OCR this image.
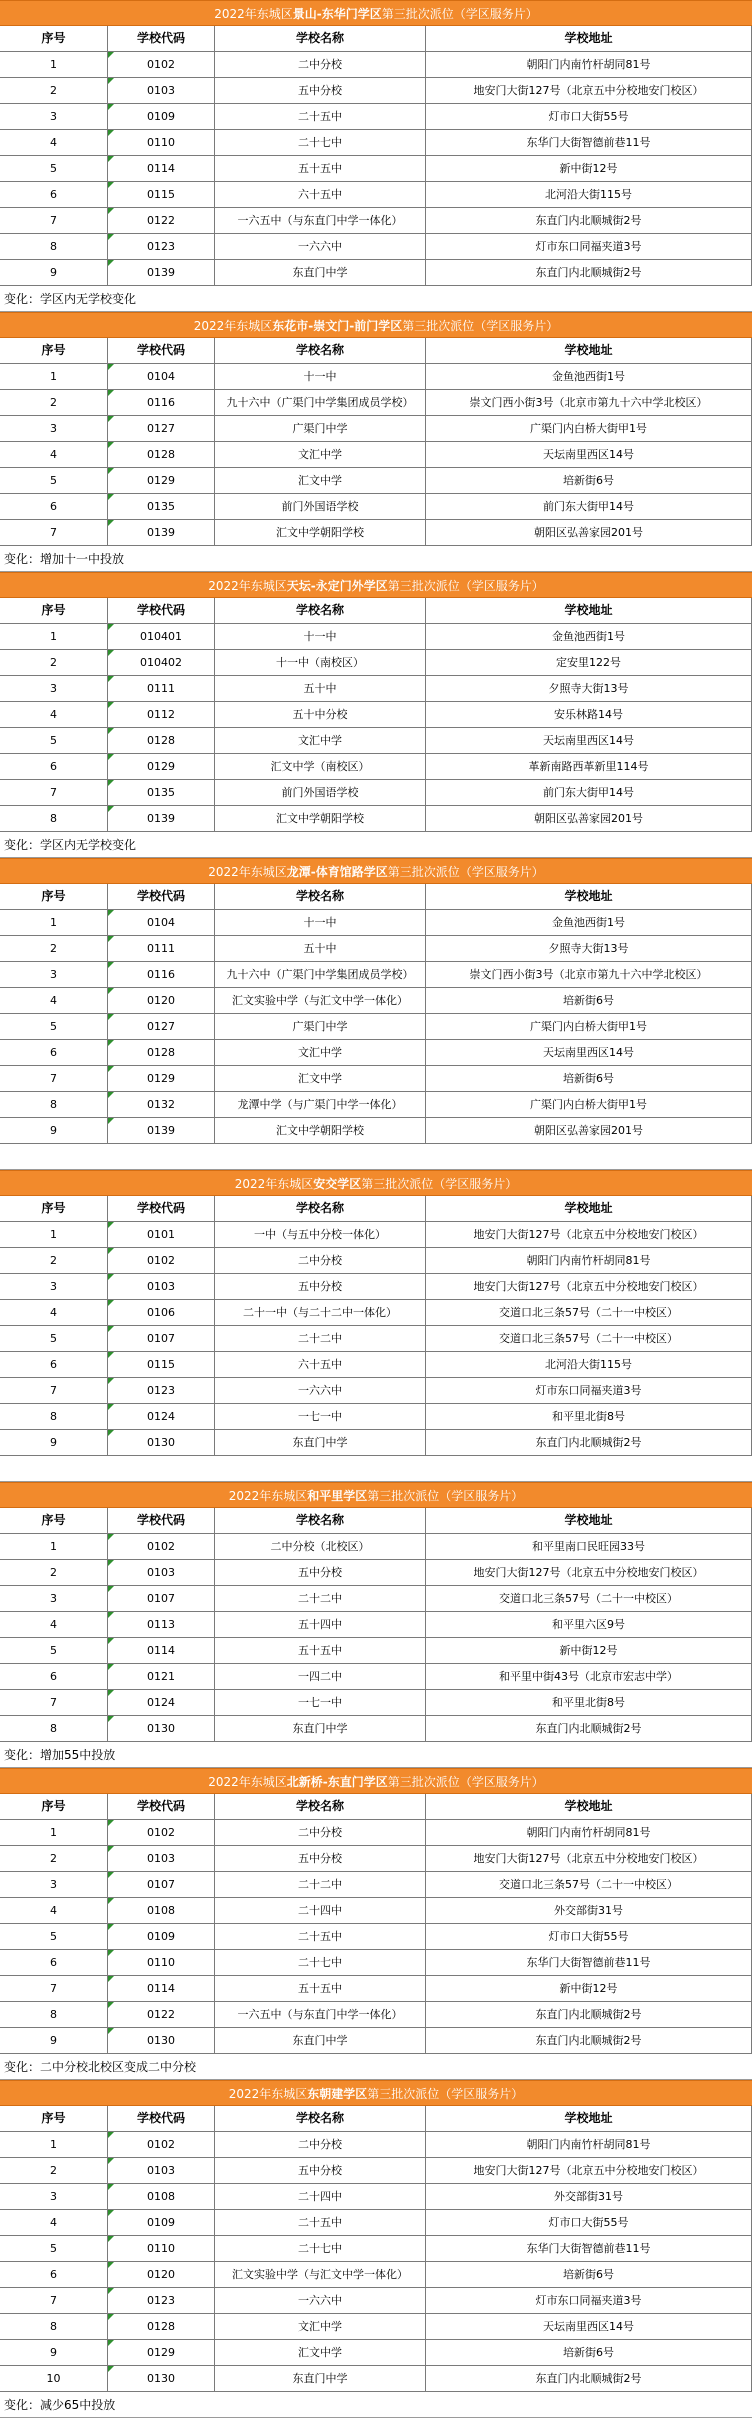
2022年东城区景山-东华门学区第三批次派位（学区服务片）
序号	学校代码	学校名称	学校地址
1	0102	二中分校	朝阳门内南竹杆胡同81号
2	0103	五中分校	地安门大街127号（北京五中分校地安门校区）
3	0109	二十五中	灯市口大街55号
4	0110	二十七中	东华门大街智德前巷11号
5	0114	五十五中	新中街12号
6	0115	六十五中	北河沿大街115号
7	0122	一六五中（与东直门中学一体化）	东直门内北顺城街2号
8	0123	一六六中	灯市东口同福夹道3号
9	0139	东直门中学	东直门内北顺城街2号
变化：学区内无学校变化
2022年东城区东花市-崇文门-前门学区第三批次派位（学区服务片）
序号	学校代码	学校名称	学校地址
1	0104	十一中	金鱼池西街1号
2	0116	九十六中（广渠门中学集团成员学校）	崇文门西小街3号（北京市第九十六中学北校区）
3	0127	广渠门中学	广渠门内白桥大街甲1号
4	0128	文汇中学	天坛南里西区14号
5	0129	汇文中学	培新街6号
6	0135	前门外国语学校	前门东大街甲14号
7	0139	汇文中学朝阳学校	朝阳区弘善家园201号
变化：增加十一中投放
2022年东城区天坛-永定门外学区第三批次派位（学区服务片）
序号	学校代码	学校名称	学校地址
1	010401	十一中	金鱼池西街1号
2	010402	十一中（南校区）	定安里122号
3	0111	五十中	夕照寺大街13号
4	0112	五十中分校	安乐林路14号
5	0128	文汇中学	天坛南里西区14号
6	0129	汇文中学（南校区）	革新南路西革新里114号
7	0135	前门外国语学校	前门东大街甲14号
8	0139	汇文中学朝阳学校	朝阳区弘善家园201号
变化：学区内无学校变化
2022年东城区龙潭-体育馆路学区第三批次派位（学区服务片）
序号	学校代码	学校名称	学校地址
1	0104	十一中	金鱼池西街1号
2	0111	五十中	夕照寺大街13号
3	0116	九十六中（广渠门中学集团成员学校）	崇文门西小街3号（北京市第九十六中学北校区）
4	0120	汇文实验中学（与汇文中学一体化）	培新街6号
5	0127	广渠门中学	广渠门内白桥大街甲1号
6	0128	文汇中学	天坛南里西区14号
7	0129	汇文中学	培新街6号
8	0132	龙潭中学（与广渠门中学一体化）	广渠门内白桥大街甲1号
9	0139	汇文中学朝阳学校	朝阳区弘善家园201号
2022年东城区安交学区第三批次派位（学区服务片）
序号	学校代码	学校名称	学校地址
1	0101	一中（与五中分校一体化）	地安门大街127号（北京五中分校地安门校区）
2	0102	二中分校	朝阳门内南竹杆胡同81号
3	0103	五中分校	地安门大街127号（北京五中分校地安门校区）
4	0106	二十一中（与二十二中一体化）	交道口北三条57号（二十一中校区）
5	0107	二十二中	交道口北三条57号（二十一中校区）
6	0115	六十五中	北河沿大街115号
7	0123	一六六中	灯市东口同福夹道3号
8	0124	一七一中	和平里北街8号
9	0130	东直门中学	东直门内北顺城街2号
2022年东城区和平里学区第三批次派位（学区服务片）
序号	学校代码	学校名称	学校地址
1	0102	二中分校（北校区）	和平里南口民旺园33号
2	0103	五中分校	地安门大街127号（北京五中分校地安门校区）
3	0107	二十二中	交道口北三条57号（二十一中校区）
4	0113	五十四中	和平里六区9号
5	0114	五十五中	新中街12号
6	0121	一四二中	和平里中街43号（北京市宏志中学）
7	0124	一七一中	和平里北街8号
8	0130	东直门中学	东直门内北顺城街2号
变化：增加55中投放
2022年东城区北新桥-东直门学区第三批次派位（学区服务片）
序号	学校代码	学校名称	学校地址
1	0102	二中分校	朝阳门内南竹杆胡同81号
2	0103	五中分校	地安门大街127号（北京五中分校地安门校区）
3	0107	二十二中	交道口北三条57号（二十一中校区）
4	0108	二十四中	外交部街31号
5	0109	二十五中	灯市口大街55号
6	0110	二十七中	东华门大街智德前巷11号
7	0114	五十五中	新中街12号
8	0122	一六五中（与东直门中学一体化）	东直门内北顺城街2号
9	0130	东直门中学	东直门内北顺城街2号
变化：二中分校北校区变成二中分校
2022年东城区东朝建学区第三批次派位（学区服务片）
序号	学校代码	学校名称	学校地址
1	0102	二中分校	朝阳门内南竹杆胡同81号
2	0103	五中分校	地安门大街127号（北京五中分校地安门校区）
3	0108	二十四中	外交部街31号
4	0109	二十五中	灯市口大街55号
5	0110	二十七中	东华门大街智德前巷11号
6	0120	汇文实验中学（与汇文中学一体化）	培新街6号
7	0123	一六六中	灯市东口同福夹道3号
8	0128	文汇中学	天坛南里西区14号
9	0129	汇文中学	培新街6号
10	0130	东直门中学	东直门内北顺城街2号
变化：减少65中投放
